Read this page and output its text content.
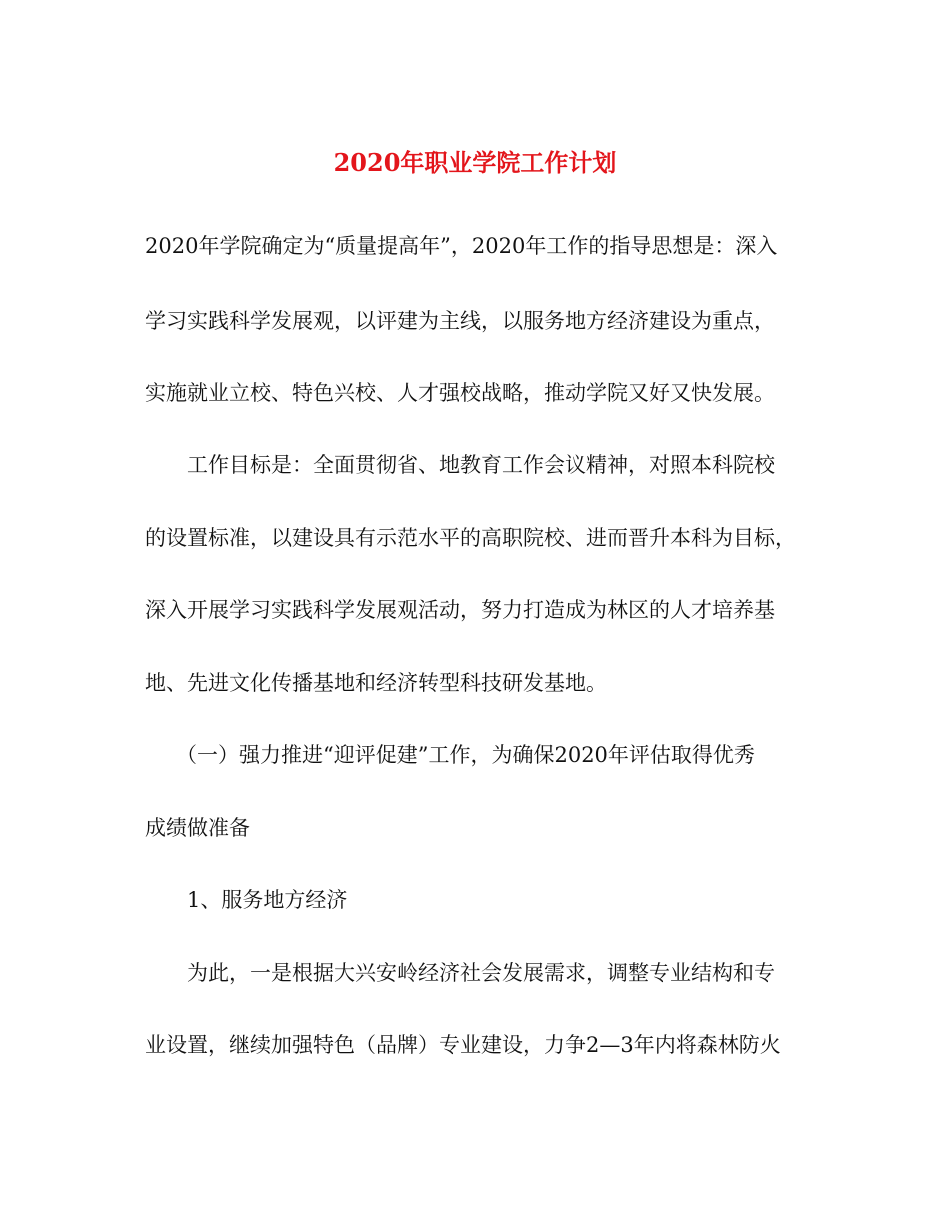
2020年职业学院工作计划

2020年学院确定为“质量提高年”，2020年工作的指导思想是：深入

学习实践科学发展观，以评建为主线，以服务地方经济建设为重点，

实施就业立校、特色兴校、人才强校战略，推动学院又好又快发展。

工作目标是：全面贯彻省、地教育工作会议精神，对照本科院校

的设置标准，以建设具有示范水平的高职院校、进而晋升本科为目标，

深入开展学习实践科学发展观活动，努力打造成为林区的人才培养基

地、先进文化传播基地和经济转型科技研发基地。

（一）强力推进“迎评促建”工作，为确保2020年评估取得优秀

成绩做准备

1、服务地方经济

为此，一是根据大兴安岭经济社会发展需求，调整专业结构和专

业设置，继续加强特色（品牌）专业建设，力争2—3年内将森林防火
